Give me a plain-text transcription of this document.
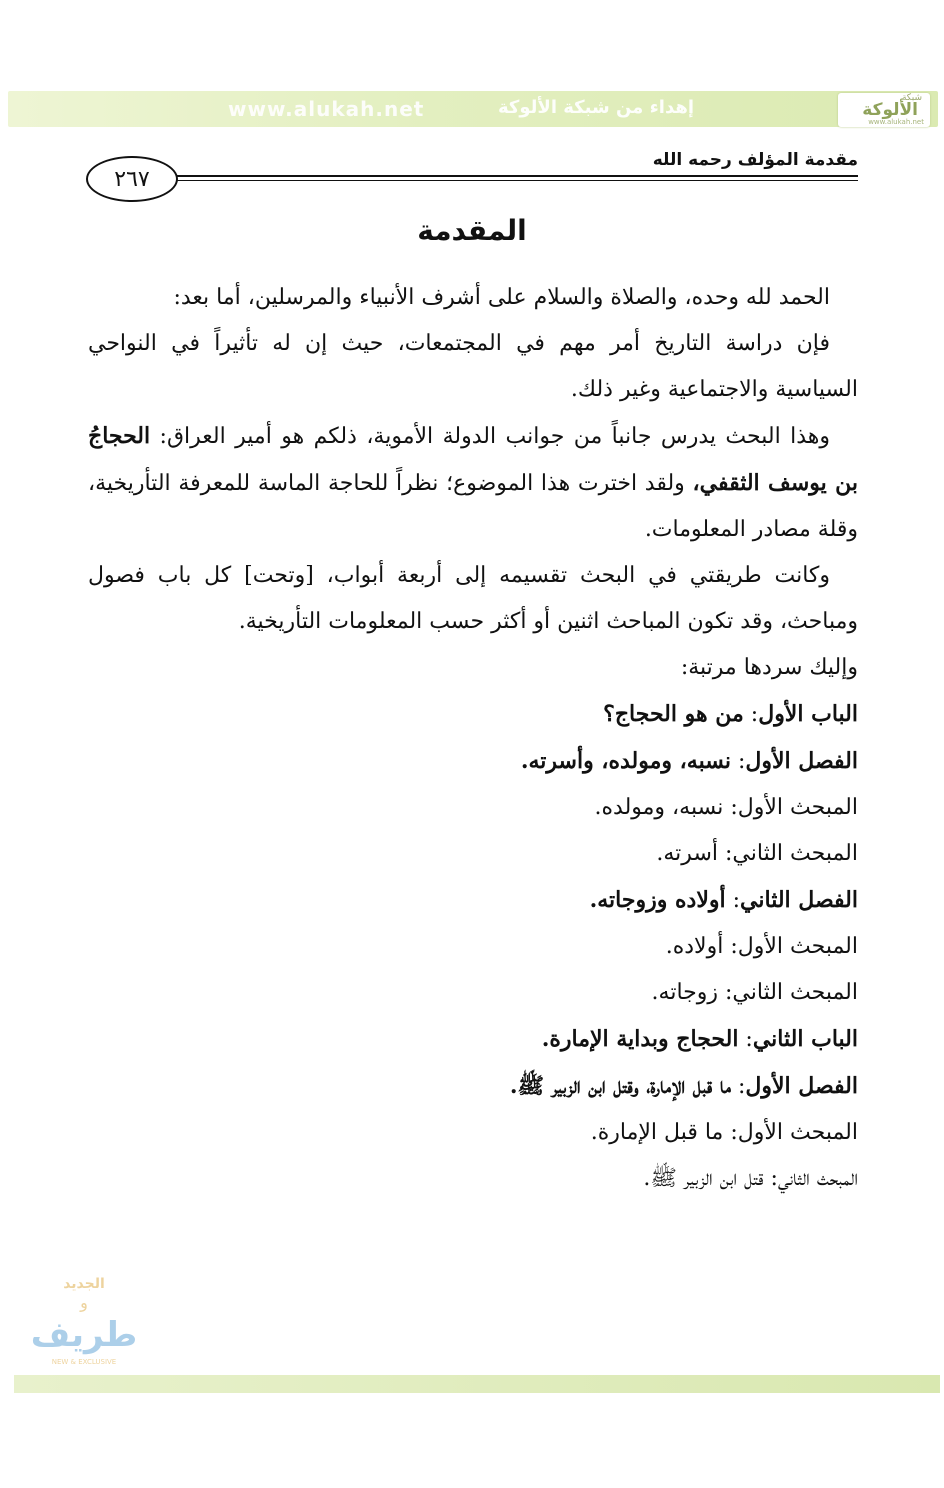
www.alukah.net	إهداء من شبكة الألوكة	شبكة
الألوكة
www.alukah.net
مقدمة المؤلف رحمه الله
٢٦٧
المقدمة

الحمد لله وحده، والصلاة والسلام على أشرف الأنبياء والمرسلين، أما بعد:

فإن دراسة التاريخ أمر مهم في المجتمعات، حيث إن له تأثيراً في النواحي السياسية والاجتماعية وغير ذلك.

وهذا البحث يدرس جانباً من جوانب الدولة الأموية، ذلكم هو أمير العراق: الحجاجُ بن يوسف الثقفي، ولقد اخترت هذا الموضوع؛ نظراً للحاجة الماسة للمعرفة التأريخية، وقلة مصادر المعلومات.

وكانت طريقتي في البحث تقسيمه إلى أربعة أبواب، [وتحت] كل باب فصول ومباحث، وقد تكون المباحث اثنين أو أكثر حسب المعلومات التأريخية.

وإليك سردها مرتبة:

الباب الأول: من هو الحجاج؟

الفصل الأول: نسبه، ومولده، وأسرته.

المبحث الأول: نسبه، ومولده.

المبحث الثاني: أسرته.

الفصل الثاني: أولاده وزوجاته.

المبحث الأول: أولاده.

المبحث الثاني: زوجاته.

الباب الثاني: الحجاج وبداية الإمارة.

الفصل الأول: ما قبل الإمارة، وقتل ابن الزبير ﷺ.

المبحث الأول: ما قبل الإمارة.

المبحث الثاني: قتل ابن الزبير ﷺ.

الجديد
و
طريف
NEW & EXCLUSIVE
